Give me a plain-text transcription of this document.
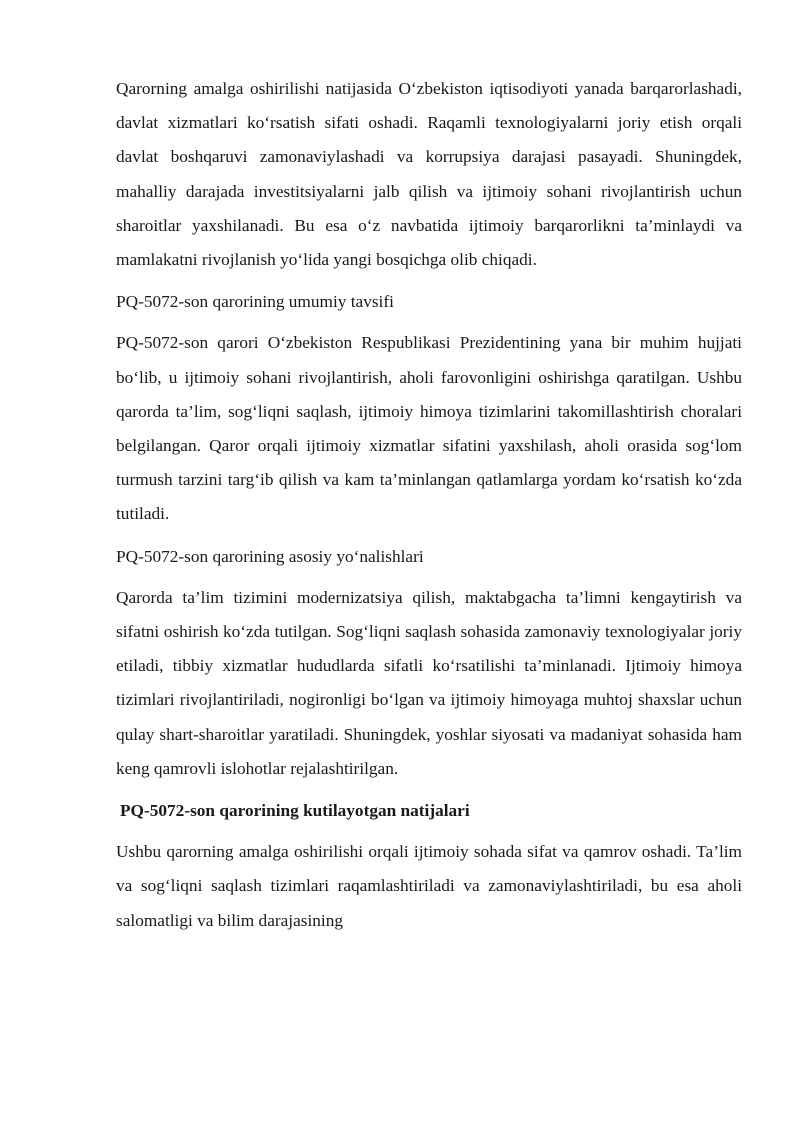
Qarorning amalga oshirilishi natijasida O‘zbekiston iqtisodiyoti yanada barqarorlashadi, davlat xizmatlari ko‘rsatish sifati oshadi. Raqamli texnologiyalarni joriy etish orqali davlat boshqaruvi zamonaviylashadi va korrupsiya darajasi pasayadi. Shuningdek, mahalliy darajada investitsiyalarni jalb qilish va ijtimoiy sohani rivojlantirish uchun sharoitlar yaxshilanadi. Bu esa o‘z navbatida ijtimoiy barqarorlikni ta’minlaydi va mamlakatni rivojlanish yo‘lida yangi bosqichga olib chiqadi.

PQ-5072-son qarorining umumiy tavsifi

PQ-5072-son qarori O‘zbekiston Respublikasi Prezidentining yana bir muhim hujjati bo‘lib, u ijtimoiy sohani rivojlantirish, aholi farovonligini oshirishga qaratilgan. Ushbu qarorda ta’lim, sog‘liqni saqlash, ijtimoiy himoya tizimlarini takomillashtirish choralari belgilangan. Qaror orqali ijtimoiy xizmatlar sifatini yaxshilash, aholi orasida sog‘lom turmush tarzini targ‘ib qilish va kam ta’minlangan qatlamlarga yordam ko‘rsatish ko‘zda tutiladi.

PQ-5072-son qarorining asosiy yo‘nalishlari

Qarorda ta’lim tizimini modernizatsiya qilish, maktabgacha ta’limni kengaytirish va sifatni oshirish ko‘zda tutilgan. Sog‘liqni saqlash sohasida zamonaviy texnologiyalar joriy etiladi, tibbiy xizmatlar hududlarda sifatli ko‘rsatilishi ta’minlanadi. Ijtimoiy himoya tizimlari rivojlantiriladi, nogironligi bo‘lgan va ijtimoiy himoyaga muhtoj shaxslar uchun qulay shart-sharoitlar yaratiladi. Shuningdek, yoshlar siyosati va madaniyat sohasida ham keng qamrovli islohotlar rejalashtirilgan.

PQ-5072-son qarorining kutilayotgan natijalari

Ushbu qarorning amalga oshirilishi orqali ijtimoiy sohada sifat va qamrov oshadi. Ta’lim va sog‘liqni saqlash tizimlari raqamlashtiriladi va zamonaviylashtiriladi, bu esa aholi salomatligi va bilim darajasining
